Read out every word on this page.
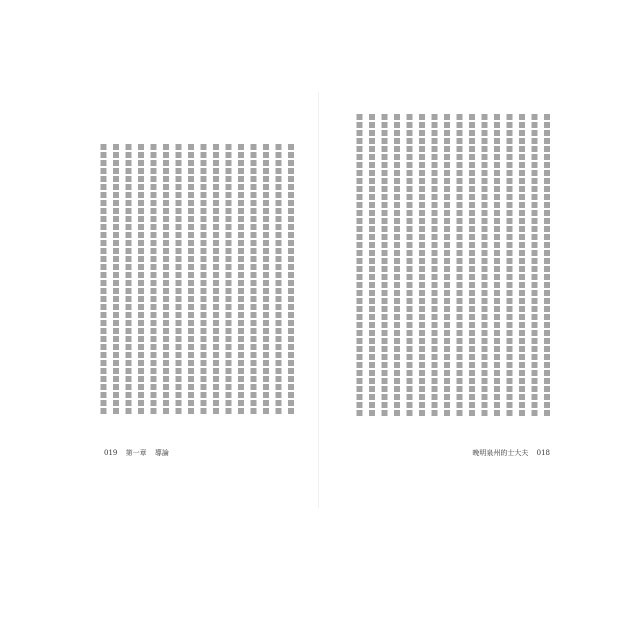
019 第一章 導論	晚明泉州的士大夫 018
